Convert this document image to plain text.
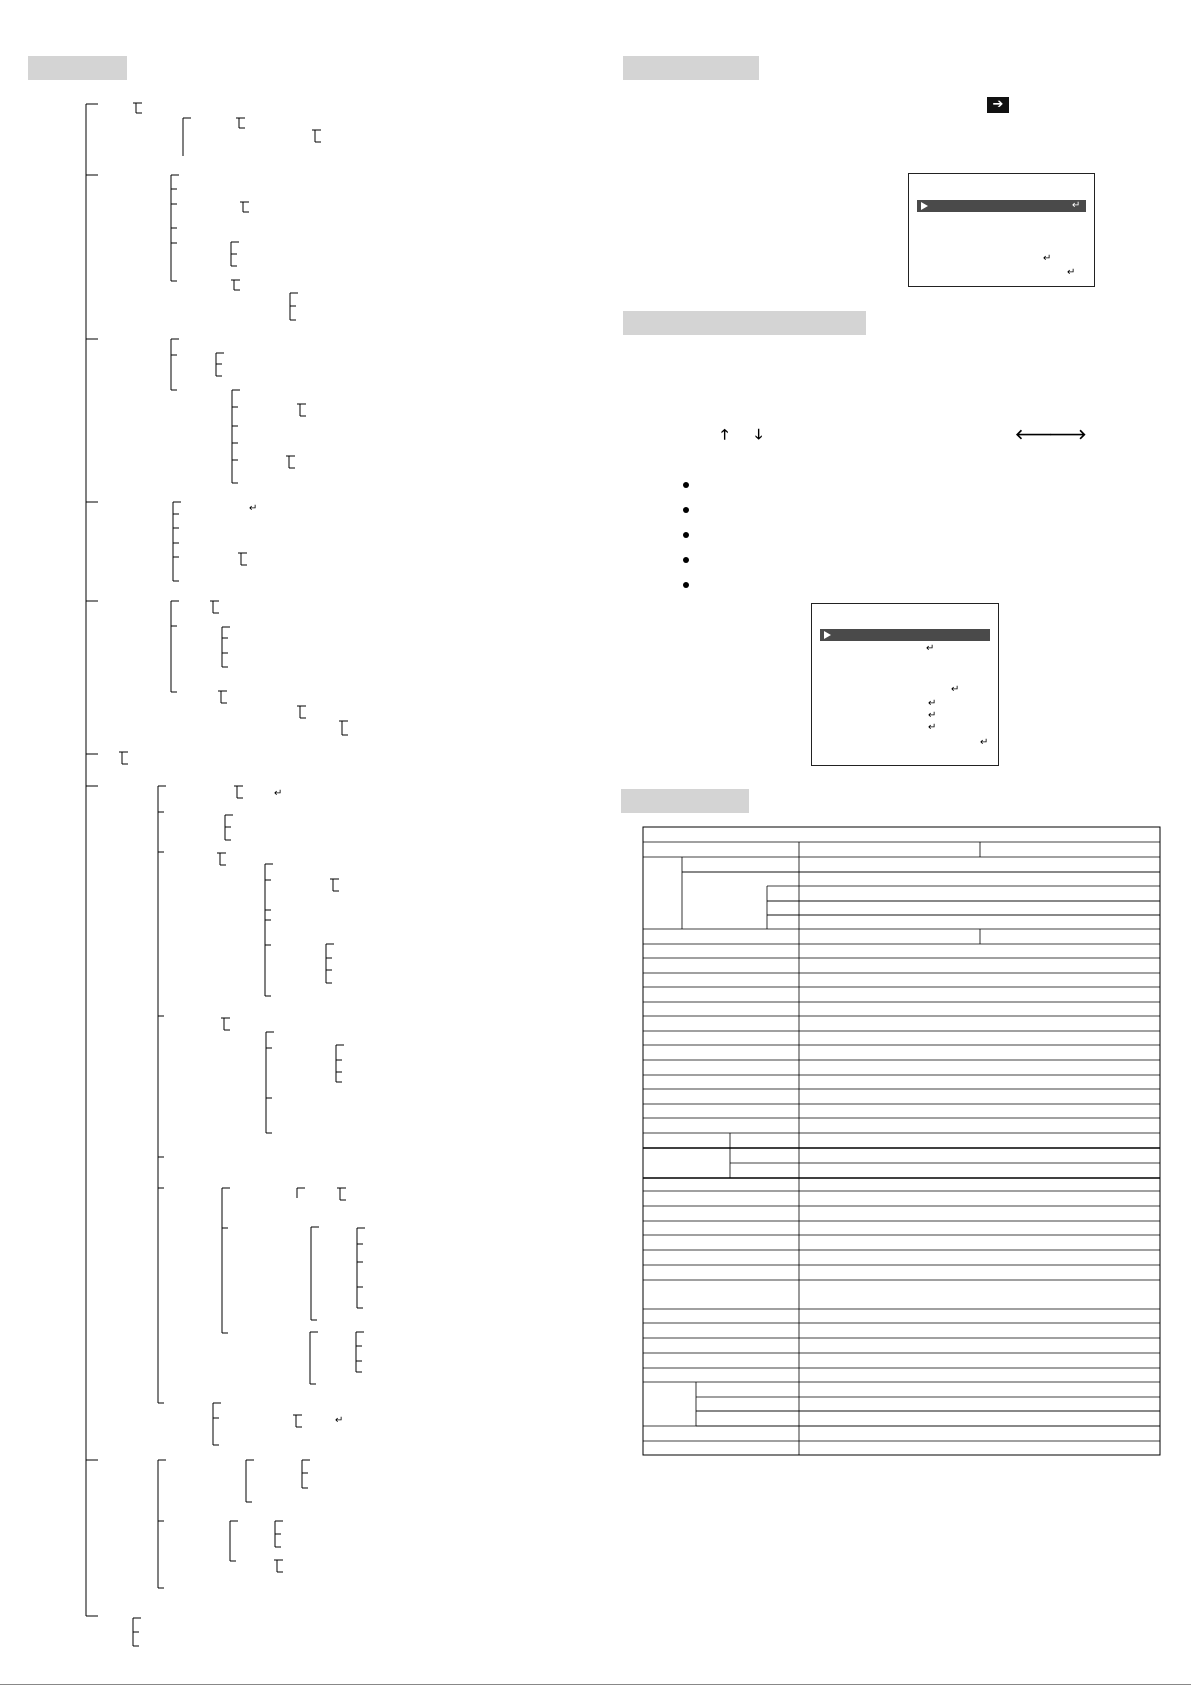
↵
↵
↵
➔
↵
↵
↵
🡑 🡓	🡐
🡒
↵
↵
↵
↵
↵
↵
